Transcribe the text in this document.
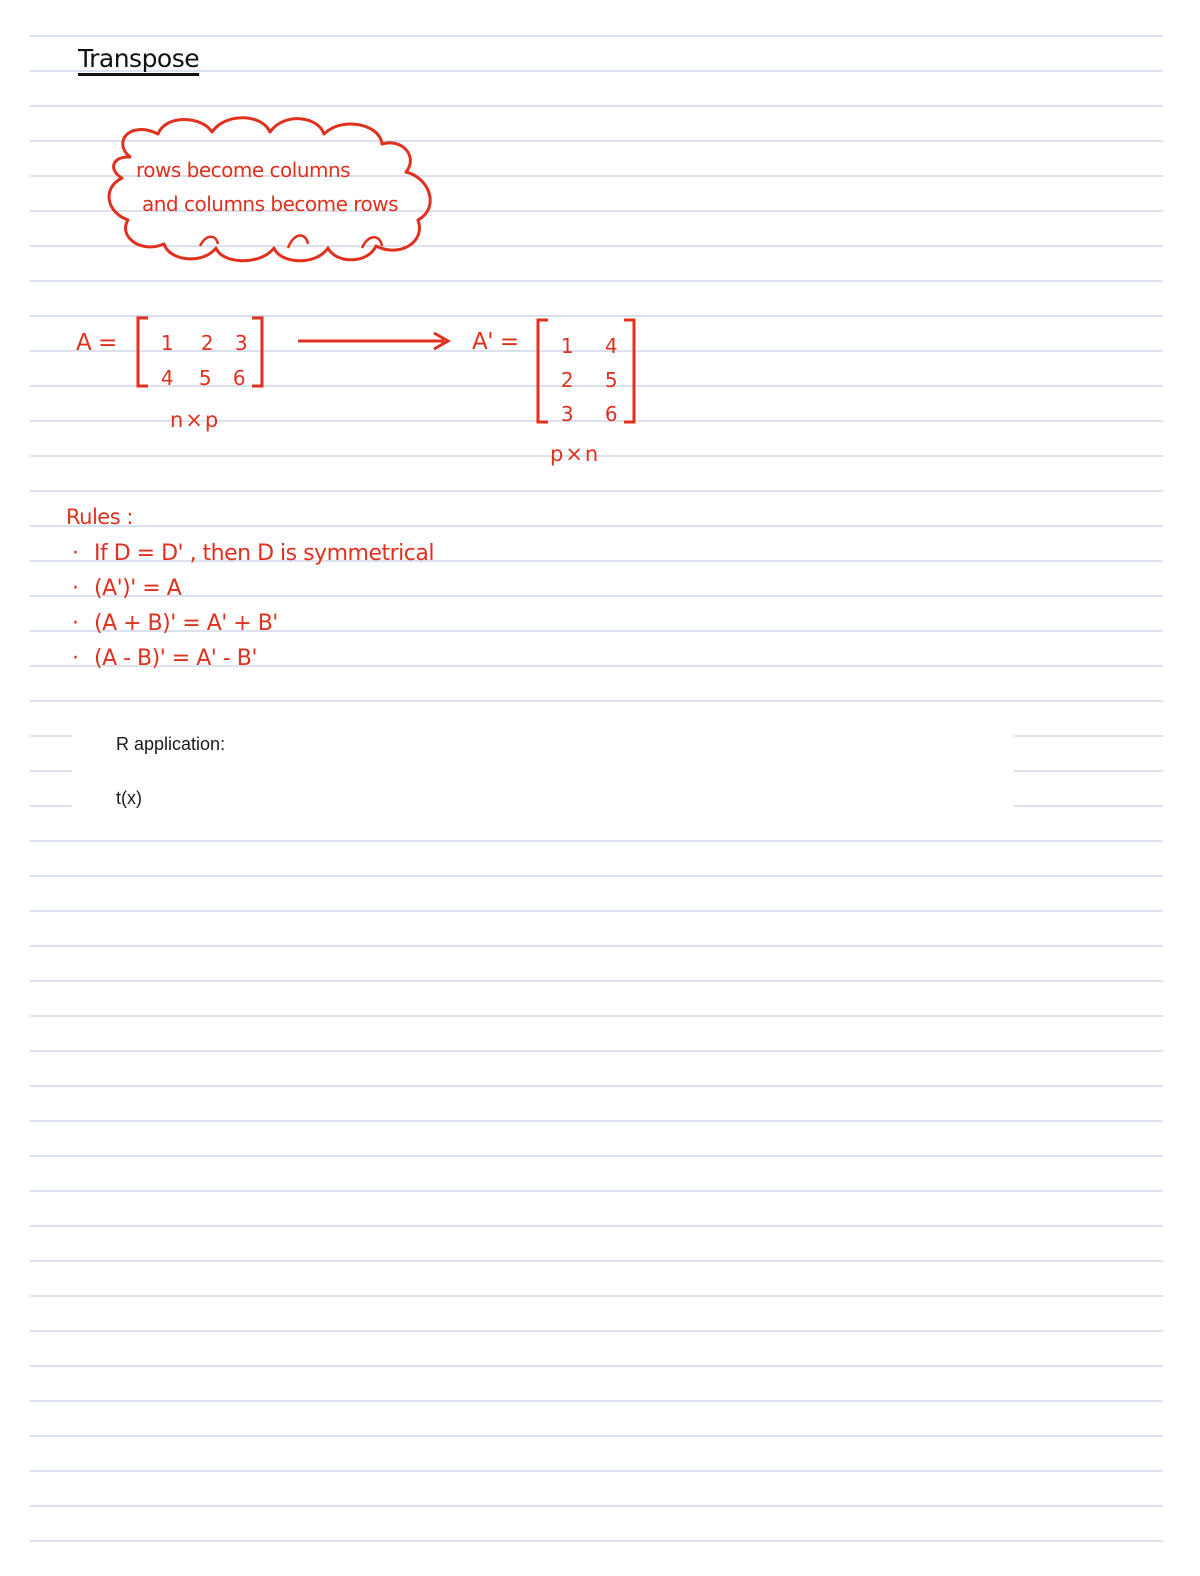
Transpose
rows become columns
and columns become rows
A =	1	2	3
4	5	6
n×p
A' =	1	4
2	5
3	6
p×n
Rules :
· If D = D' , then D is symmetrical
· (A')' = A
· (A + B)' = A' + B'
· (A - B)' = A' - B'
R application:
t(x)
